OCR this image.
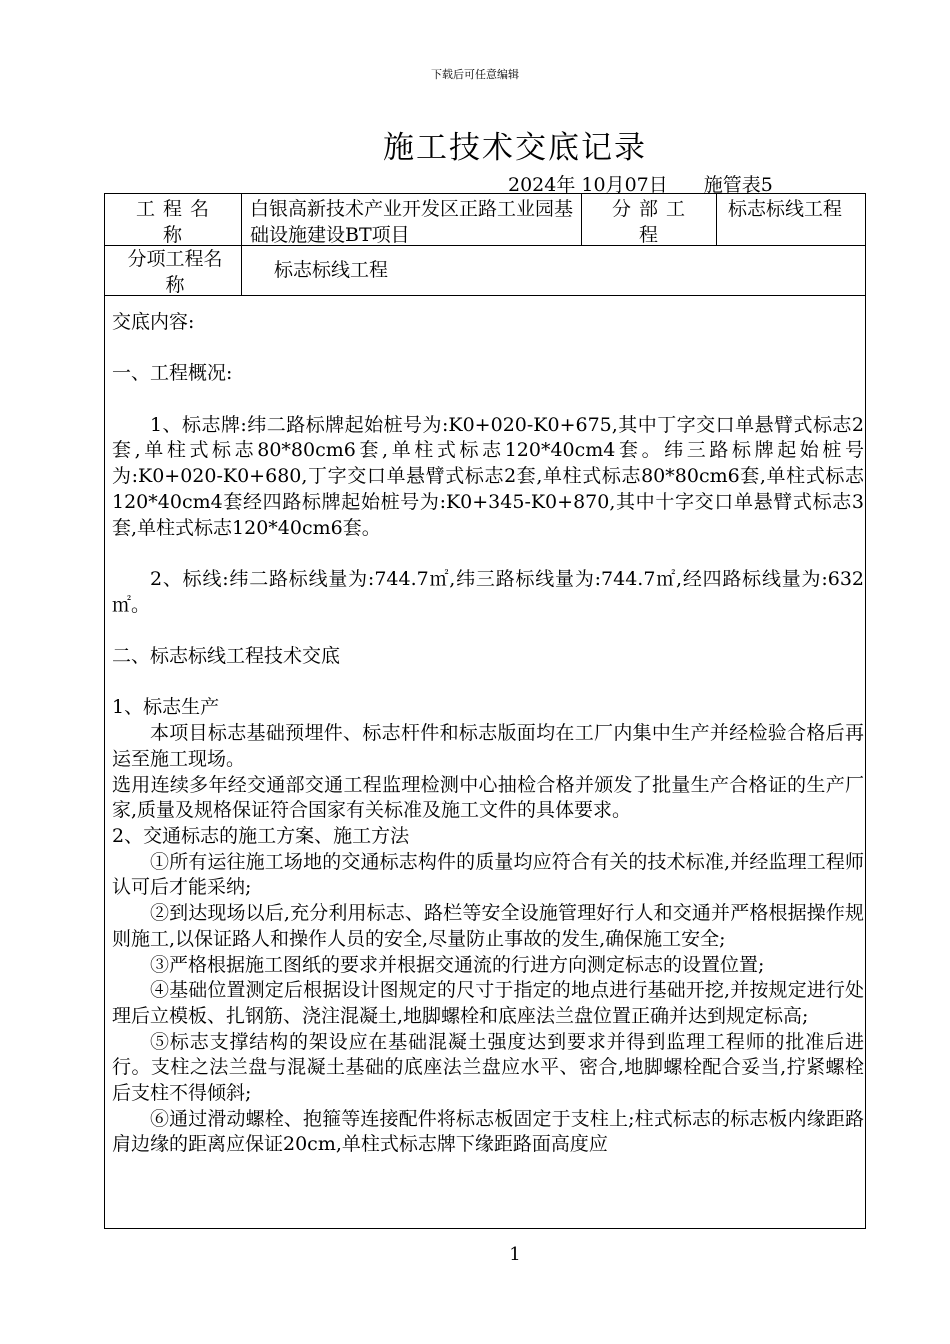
下载后可任意编辑
施工技术交底记录
2024年 10月07日 施管表5
工 程 名
称
白银高新技术产业开发区正路工业园基础设施建设BT项目
分 部 工
程
标志标线工程
分项工程名
称
标志标线工程

交底内容:

一、工程概况:

1、标志牌:纬二路标牌起始桩号为:K0+020-K0+675,其中丁字交口单悬臂式标志2套,单柱式标志80*80cm6套,单柱式标志120*40cm4套。纬三路标牌起始桩号为:K0+020-K0+680,丁字交口单悬臂式标志2套,单柱式标志80*80cm6套,单柱式标志120*40cm4套经四路标牌起始桩号为:K0+345-K0+870,其中十字交口单悬臂式标志3套,单柱式标志120*40cm6套。

2、标线:纬二路标线量为:744.7㎡,纬三路标线量为:744.7㎡,经四路标线量为:632㎡。

二、标志标线工程技术交底

1、标志生产

本项目标志基础预埋件、标志杆件和标志版面均在工厂内集中生产并经检验合格后再运至施工现场。

选用连续多年经交通部交通工程监理检测中心抽检合格并颁发了批量生产合格证的生产厂家,质量及规格保证符合国家有关标准及施工文件的具体要求。

2、交通标志的施工方案、施工方法

①所有运往施工场地的交通标志构件的质量均应符合有关的技术标准,并经监理工程师认可后才能采纳;

②到达现场以后,充分利用标志、路栏等安全设施管理好行人和交通并严格根据操作规则施工,以保证路人和操作人员的安全,尽量防止事故的发生,确保施工安全;

③严格根据施工图纸的要求并根据交通流的行进方向测定标志的设置位置;

④基础位置测定后根据设计图规定的尺寸于指定的地点进行基础开挖,并按规定进行处理后立模板、扎钢筋、浇注混凝土,地脚螺栓和底座法兰盘位置正确并达到规定标高;

⑤标志支撑结构的架设应在基础混凝土强度达到要求并得到监理工程师的批准后进行。支柱之法兰盘与混凝土基础的底座法兰盘应水平、密合,地脚螺栓配合妥当,拧紧螺栓后支柱不得倾斜;

⑥通过滑动螺栓、抱箍等连接配件将标志板固定于支柱上;柱式标志的标志板内缘距路肩边缘的距离应保证20cm,单柱式标志牌下缘距路面高度应

1
